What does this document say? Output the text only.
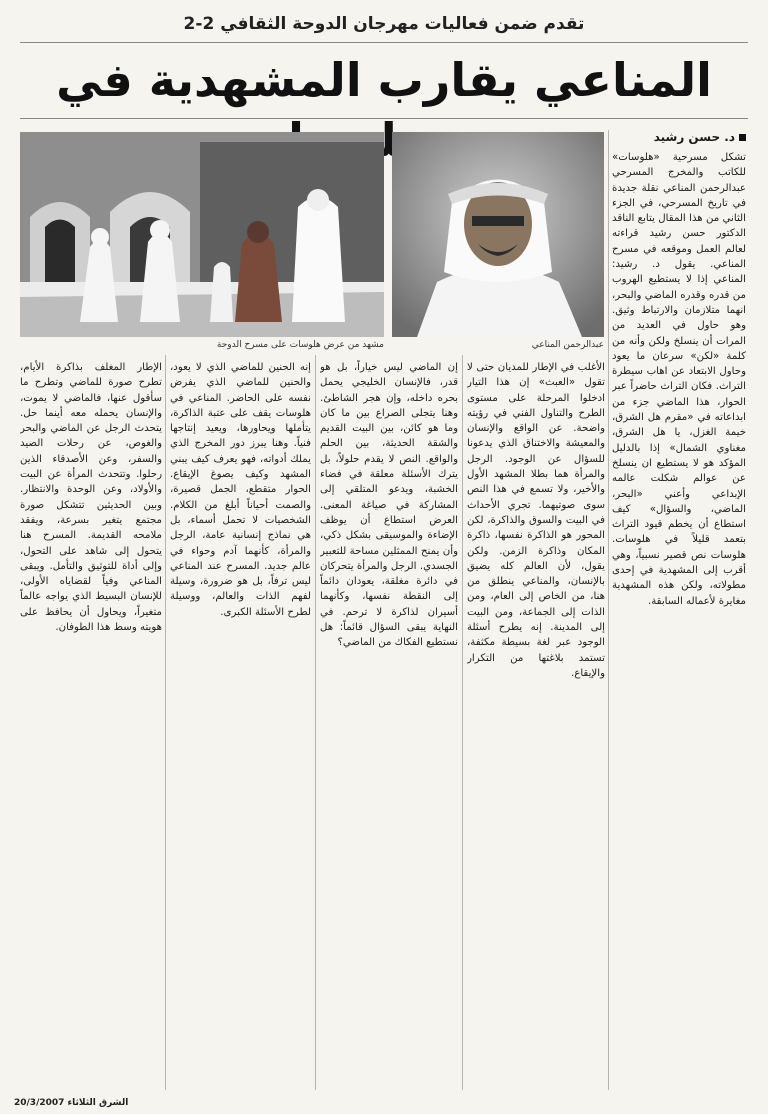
تقدم ضمن فعاليات مهرجان الدوحة الثقافي 2-2
المناعي يقارب المشهدية في
د. حسن رشيد

تشكل مسرحية «هلوسات» للكاتب والمخرج المسرحي عبدالرحمن المناعي نقلة جديدة في تاريخ المسرحي، في الجزء الثاني من هذا المقال يتابع الناقد الدكتور حسن رشيد قراءته لعالم العمل وموقعه في مسرح المناعي. يقول د. رشيد: المناعي إذا لا يستطيع الهروب من قدره وقدره الماضي والبحر، انهما متلازمان والارتباط وثيق. وهو حاول في العديد من المرات أن ينسلخ ولكن وأنه من كلمة «لكن» سرعان ما يعود وحاول الابتعاد عن اهاب سيطرة التراث. فكان التراث حاضراً عبر الحوار، هذا الماضي جزء من ابداعاته في «مقرم هل الشرق، خيمة الغزل، يا هل الشرق، مغناوي الشمال» إذا بالدليل المؤكد هو لا يستطيع ان ينسلخ عن عوالم شكلت عالمه الإبداعي وأعني «البحر، الماضي، والسؤال» كيف استطاع أن يخطم قيود التراث بتعمد قليلاً في هلوسات. هلوسات نص قصير نسبياً، وهي أقرب إلى المشهدية في إحدى مطولاته، ولكن هذه المشهدية مغايرة لأعماله السابقة.

عبدالرحمن المناعي
مشهد من عرض هلوسات على مسرح الدوحة

الأغلب في الإطار للمديان حتى لا تقول «العبث» إن هذا التيار ادخلوا المرحلة على مستوى الطرح والتناول الفني في رؤيته واضحة. عن الواقع والإنسان والمعيشة والاختناق الذي يدعونا للسؤال عن الوجود. الرجل والمرأة هما بطلا المشهد الأول والأخير، ولا تسمع في هذا النص سوى صوتيهما. تجري الأحداث في البيت والسوق والذاكرة، لكن المحور هو الذاكرة نفسها، ذاكرة المكان وذاكرة الزمن. ولكن يقول، لأن العالم كله يضيق بالإنسان، والمناعي ينطلق من هنا، من الخاص إلى العام، ومن الذات إلى الجماعة، ومن البيت إلى المدينة. إنه يطرح أسئلة الوجود عبر لغة بسيطة مكثفة، تستمد بلاغتها من التكرار والإيقاع.

إن الماضي ليس خياراً، بل هو قدر، فالإنسان الخليجي يحمل بحره داخله، وإن هجر الشاطئ. وهنا يتجلى الصراع بين ما كان وما هو كائن، بين البيت القديم والشقة الحديثة، بين الحلم والواقع. النص لا يقدم حلولاً، بل يترك الأسئلة معلقة في فضاء الخشبة، ويدعو المتلقي إلى المشاركة في صياغة المعنى. العرض استطاع أن يوظف الإضاءة والموسيقى بشكل ذكي، وأن يمنح الممثلين مساحة للتعبير الجسدي. الرجل والمرأة يتحركان في دائرة مغلقة، يعودان دائماً إلى النقطة نفسها، وكأنهما أسيران لذاكرة لا ترحم. في النهاية يبقى السؤال قائماً: هل نستطيع الفكاك من الماضي؟

إنه الحنين للماضي الذي لا يعود، والحنين للماضي الذي يفرض نفسه على الحاضر. المناعي في هلوسات يقف على عتبة الذاكرة، يتأملها ويحاورها، ويعيد إنتاجها فنياً. وهنا يبرز دور المخرج الذي يملك أدواته، فهو يعرف كيف يبني المشهد وكيف يصوغ الإيقاع. الحوار متقطع، الجمل قصيرة، والصمت أحياناً أبلغ من الكلام. الشخصيات لا تحمل أسماء، بل هي نماذج إنسانية عامة، الرجل والمرأة، كأنهما آدم وحواء في عالم جديد. المسرح عند المناعي ليس ترفاً، بل هو ضرورة، وسيلة لفهم الذات والعالم، ووسيلة لطرح الأسئلة الكبرى.

الإطار المغلف بذاكرة الأيام، تطرح صورة للماضي وتطرح ما سأقول عنها، فالماضي لا يموت، والإنسان يحمله معه أينما حل. يتحدث الرجل عن الماضي والبحر والغوص، عن رحلات الصيد والسفر، وعن الأصدقاء الذين رحلوا. وتتحدث المرأة عن البيت والأولاد، وعن الوحدة والانتظار. وبين الحديثين تتشكل صورة مجتمع يتغير بسرعة، ويفقد ملامحه القديمة. المسرح هنا يتحول إلى شاهد على التحول، وإلى أداة للتوثيق والتأمل. ويبقى المناعي وفياً لقضاياه الأولى، للإنسان البسيط الذي يواجه عالماً متغيراً، ويحاول أن يحافظ على هويته وسط هذا الطوفان.

الشرق الثلاثاء 20/3/2007
